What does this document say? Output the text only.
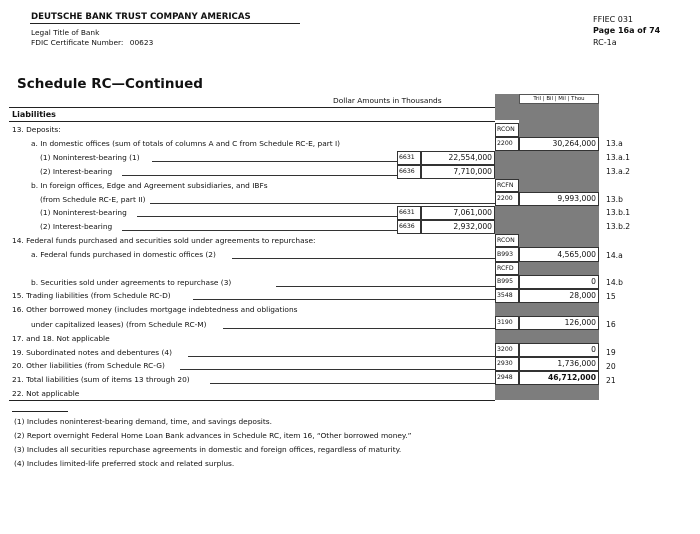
DEUTSCHE BANK TRUST COMPANY AMERICAS
Legal Title of Bank
FDIC Certificate Number: 00623
FFIEC 031
Page 16a of 74
RC-1a
Schedule RC—Continued
Dollar Amounts in Thousands	Tril | Bil | Mil | Thou
Liabilities
13. Deposits:	RCON
a. In domestic offices (sum of totals of columns A and C from Schedule RC-E, part I)	2200	30,264,000	13.a
(1) Noninterest-bearing (1)	6631	22,554,000	13.a.1
(2) Interest-bearing	6636	7,710,000	13.a.2
b. In foreign offices, Edge and Agreement subsidiaries, and IBFs	RCFN
(from Schedule RC-E, part II)	2200	9,993,000	13.b
(1) Noninterest-bearing	6631	7,061,000	13.b.1
(2) Interest-bearing	6636	2,932,000	13.b.2
14. Federal funds purchased and securities sold under agreements to repurchase:	RCON
a. Federal funds purchased in domestic offices (2)	B993	4,565,000	14.a
RCFD
b. Securities sold under agreements to repurchase (3)	B995	0	14.b
15. Trading liabilities (from Schedule RC-D)	3548	28,000	15
16. Other borrowed money (includes mortgage indebtedness and obligations
under capitalized leases) (from Schedule RC-M)	3190	126,000	16
17. and 18. Not applicable
19. Subordinated notes and debentures (4)	3200	0	19
20. Other liabilities (from Schedule RC-G)	2930	1,736,000	20
21. Total liabilities (sum of items 13 through 20)	2948	46,712,000	21
22. Not applicable
(1) Includes noninterest-bearing demand, time, and savings deposits.
(2) Report overnight Federal Home Loan Bank advances in Schedule RC, item 16, “Other borrowed money.”
(3) Includes all securities repurchase agreements in domestic and foreign offices, regardless of maturity.
(4) Includes limited-life preferred stock and related surplus.
